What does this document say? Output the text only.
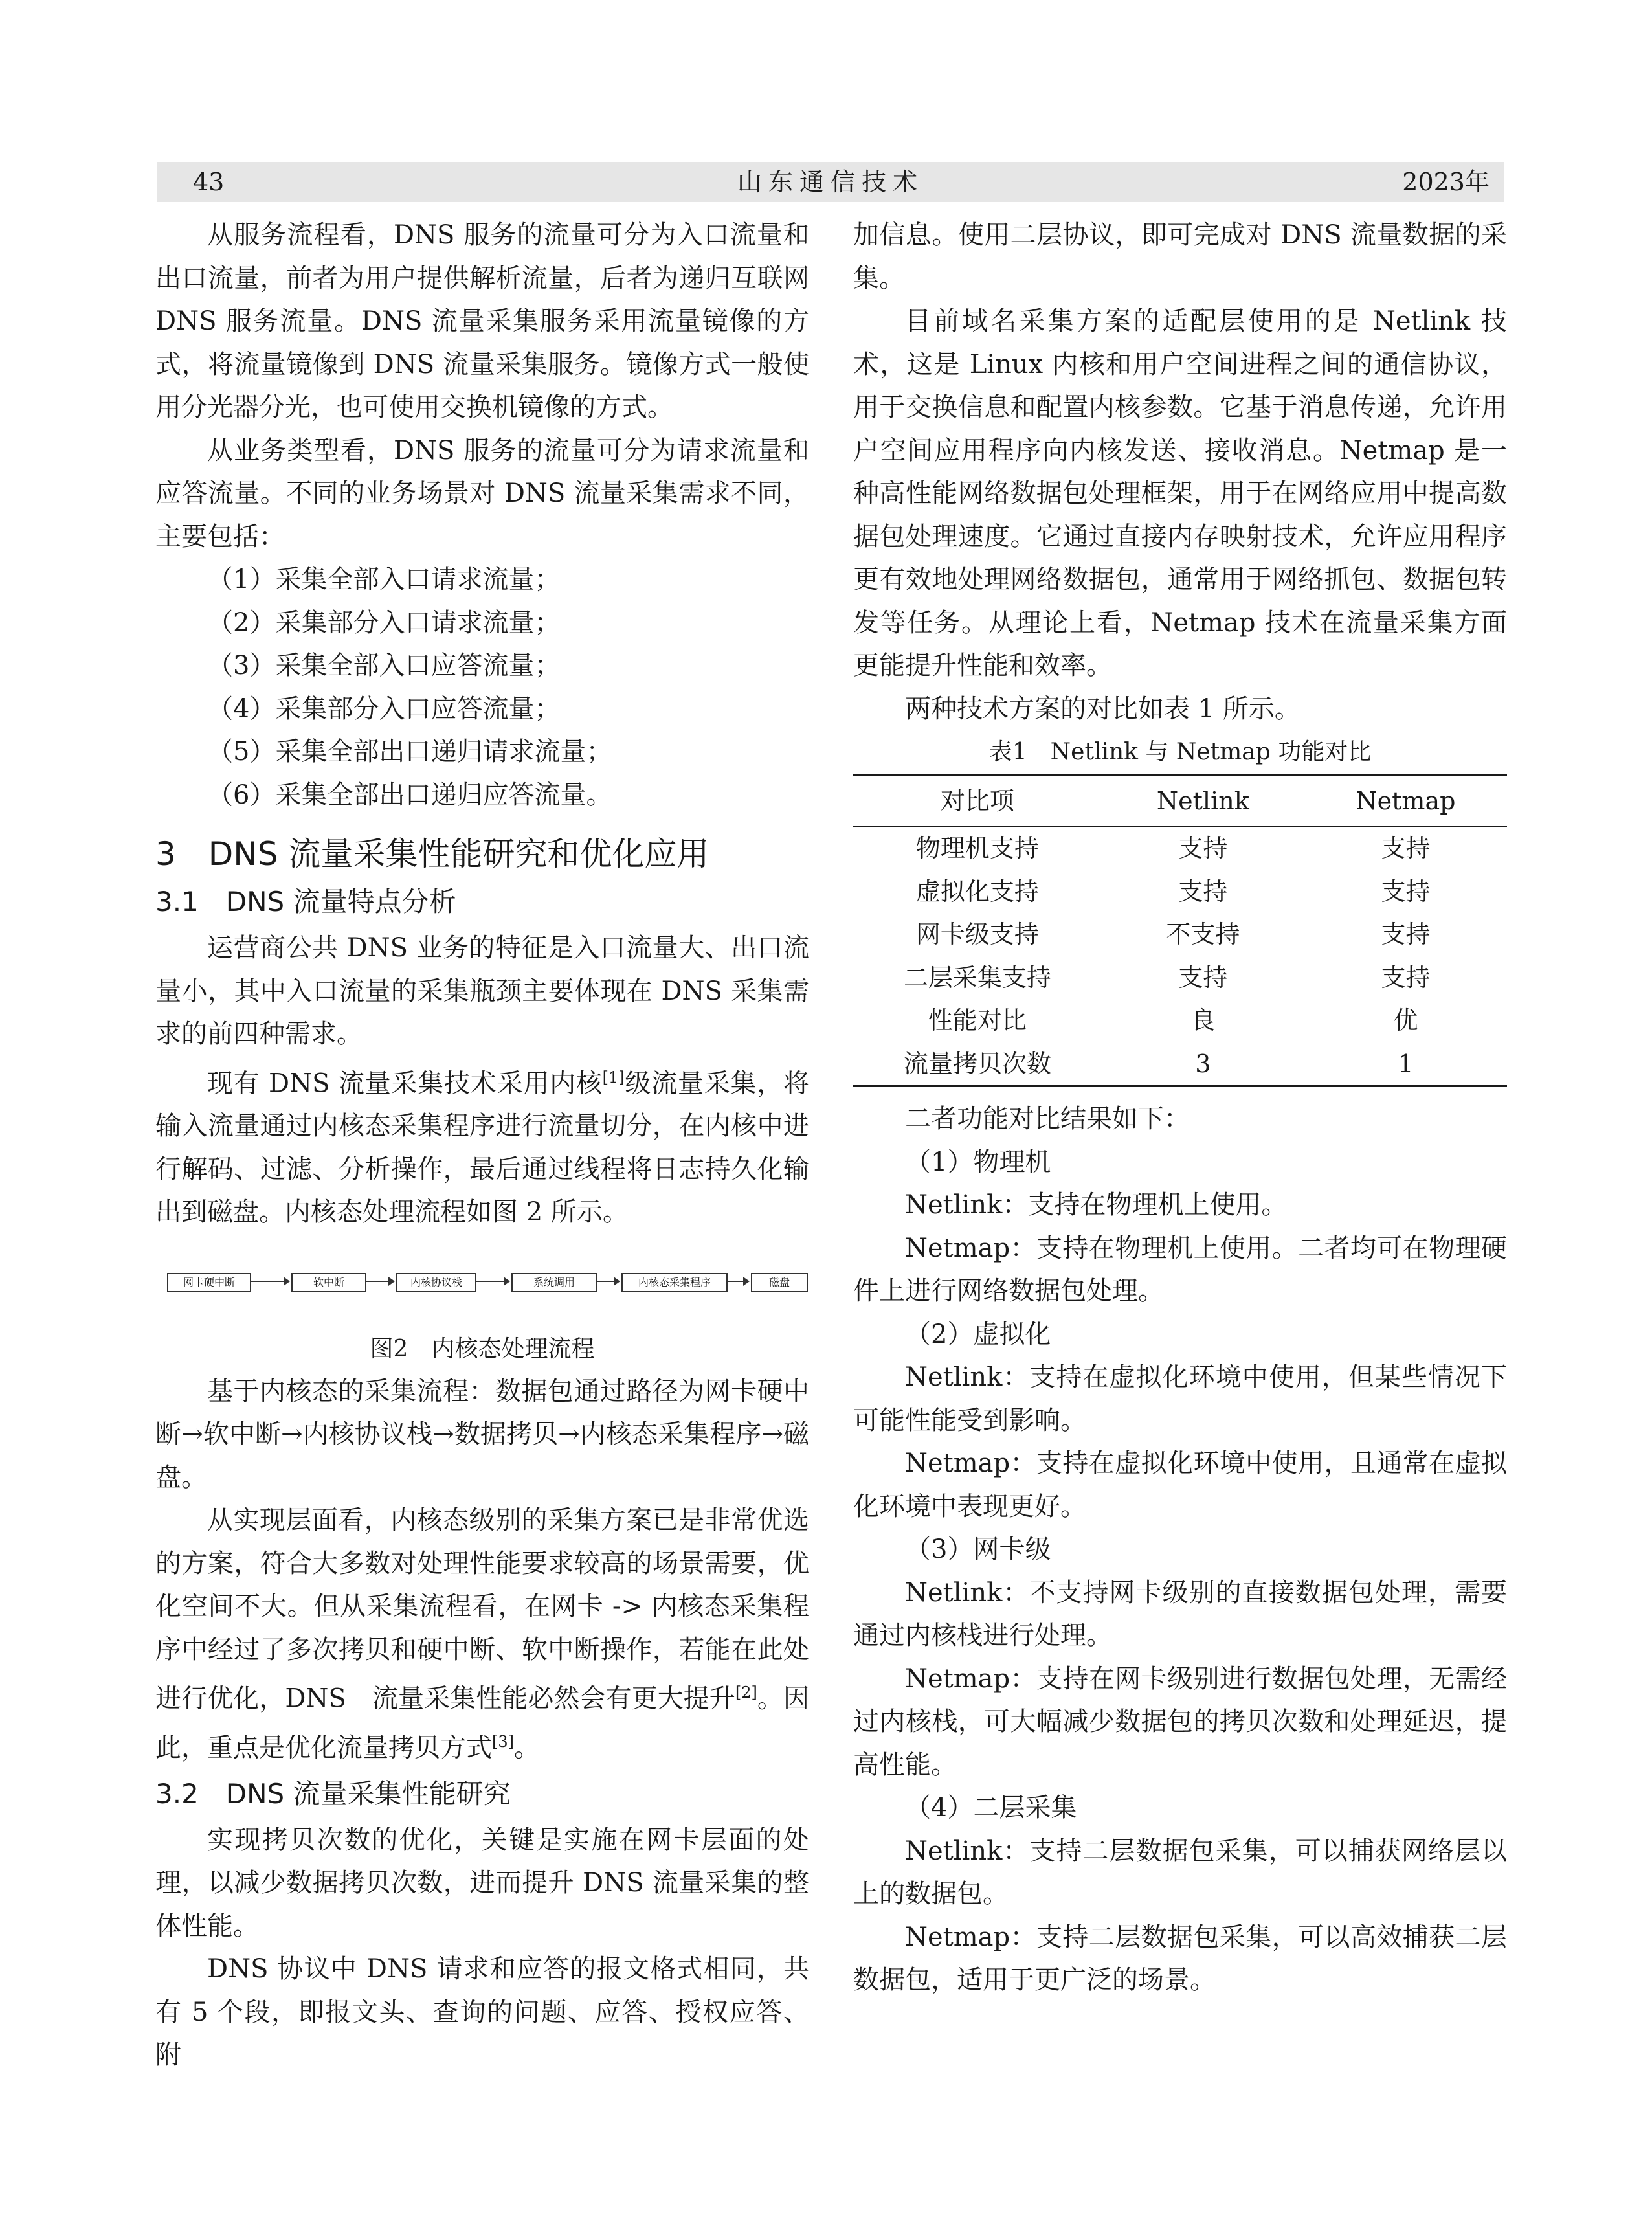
43	山东通信技术	2023年

从服务流程看，DNS 服务的流量可分为入口流量和出口流量，前者为用户提供解析流量，后者为递归互联网 DNS 服务流量。DNS 流量采集服务采用流量镜像的方式，将流量镜像到 DNS 流量采集服务。镜像方式一般使用分光器分光，也可使用交换机镜像的方式。

从业务类型看，DNS 服务的流量可分为请求流量和应答流量。不同的业务场景对 DNS 流量采集需求不同，主要包括：

（1）采集全部入口请求流量；

（2）采集部分入口请求流量；

（3）采集全部入口应答流量；

（4）采集部分入口应答流量；

（5）采集全部出口递归请求流量；

（6）采集全部出口递归应答流量。

3　DNS 流量采集性能研究和优化应用
3.1　DNS 流量特点分析

运营商公共 DNS 业务的特征是入口流量大、出口流量小，其中入口流量的采集瓶颈主要体现在 DNS 采集需求的前四种需求。

现有 DNS 流量采集技术采用内核[1]级流量采集，将输入流量通过内核态采集程序进行流量切分，在内核中进行解码、过滤、分析操作，最后通过线程将日志持久化输出到磁盘。内核态处理流程如图 2 所示。

网卡硬中断	软中断	内核协议栈	系统调用	内核态采集程序	磁盘
图2　内核态处理流程

基于内核态的采集流程：数据包通过路径为网卡硬中断→软中断→内核协议栈→数据拷贝→内核态采集程序→磁盘。

从实现层面看，内核态级别的采集方案已是非常优选的方案，符合大多数对处理性能要求较高的场景需要，优化空间不大。但从采集流程看，在网卡 -> 内核态采集程序中经过了多次拷贝和硬中断、软中断操作，若能在此处进行优化，DNS　流量采集性能必然会有更大提升[2]。因此，重点是优化流量拷贝方式[3]。

3.2　DNS 流量采集性能研究

实现拷贝次数的优化，关键是实施在网卡层面的处理，以减少数据拷贝次数，进而提升 DNS 流量采集的整体性能。

DNS 协议中 DNS 请求和应答的报文格式相同，共有 5 个段，即报文头、查询的问题、应答、授权应答、附

加信息。使用二层协议，即可完成对 DNS 流量数据的采集。

目前域名采集方案的适配层使用的是 Netlink 技术，这是 Linux 内核和用户空间进程之间的通信协议，用于交换信息和配置内核参数。它基于消息传递，允许用户空间应用程序向内核发送、接收消息。Netmap 是一种高性能网络数据包处理框架，用于在网络应用中提高数据包处理速度。它通过直接内存映射技术，允许应用程序更有效地处理网络数据包，通常用于网络抓包、数据包转发等任务。从理论上看，Netmap 技术在流量采集方面更能提升性能和效率。

两种技术方案的对比如表 1 所示。

表1　Netlink 与 Netmap 功能对比
对比项	Netlink	Netmap
物理机支持	支持	支持
虚拟化支持	支持	支持
网卡级支持	不支持	支持
二层采集支持	支持	支持
性能对比	良	优
流量拷贝次数	3	1

二者功能对比结果如下：

（1）物理机

Netlink：支持在物理机上使用。

Netmap：支持在物理机上使用。二者均可在物理硬件上进行网络数据包处理。

（2）虚拟化

Netlink：支持在虚拟化环境中使用，但某些情况下可能性能受到影响。

Netmap：支持在虚拟化环境中使用，且通常在虚拟化环境中表现更好。

（3）网卡级

Netlink：不支持网卡级别的直接数据包处理，需要通过内核栈进行处理。

Netmap：支持在网卡级别进行数据包处理，无需经过内核栈，可大幅减少数据包的拷贝次数和处理延迟，提高性能。

（4）二层采集

Netlink：支持二层数据包采集，可以捕获网络层以上的数据包。

Netmap：支持二层数据包采集，可以高效捕获二层数据包，适用于更广泛的场景。
